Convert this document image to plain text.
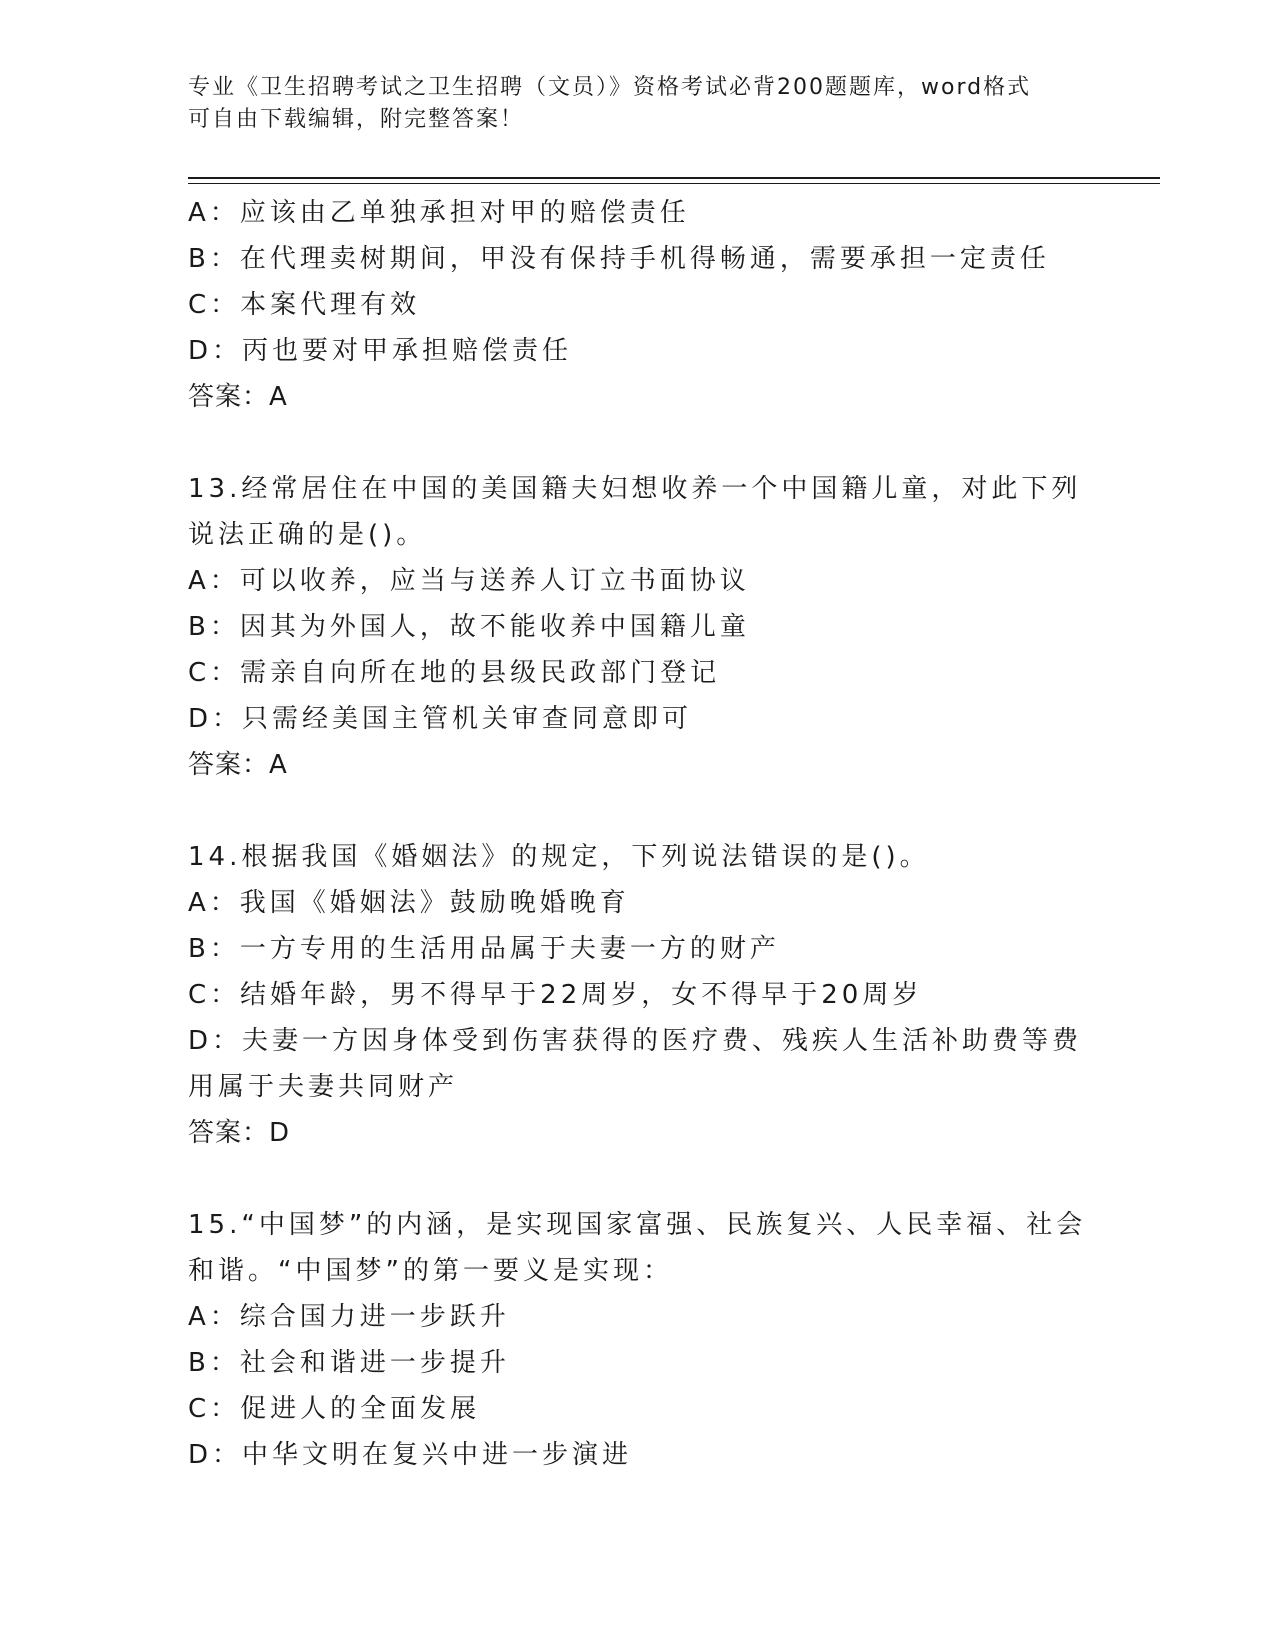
专业《卫生招聘考试之卫生招聘（文员）》资格考试必背200题题库，word格式
可自由下载编辑，附完整答案！

A：应该由乙单独承担对甲的赔偿责任

B：在代理卖树期间，甲没有保持手机得畅通，需要承担一定责任

C：本案代理有效

D：丙也要对甲承担赔偿责任

答案：A

13.经常居住在中国的美国籍夫妇想收养一个中国籍儿童，对此下列说法正确的是()。

A：可以收养，应当与送养人订立书面协议

B：因其为外国人，故不能收养中国籍儿童

C：需亲自向所在地的县级民政部门登记

D：只需经美国主管机关审查同意即可

答案：A

14.根据我国《婚姻法》的规定，下列说法错误的是()。

A：我国《婚姻法》鼓励晚婚晚育

B：一方专用的生活用品属于夫妻一方的财产

C：结婚年龄，男不得早于22周岁，女不得早于20周岁

D：夫妻一方因身体受到伤害获得的医疗费、残疾人生活补助费等费用属于夫妻共同财产

答案：D

15.“中国梦”的内涵，是实现国家富强、民族复兴、人民幸福、社会和谐。“中国梦”的第一要义是实现：

A：综合国力进一步跃升

B：社会和谐进一步提升

C：促进人的全面发展

D：中华文明在复兴中进一步演进
